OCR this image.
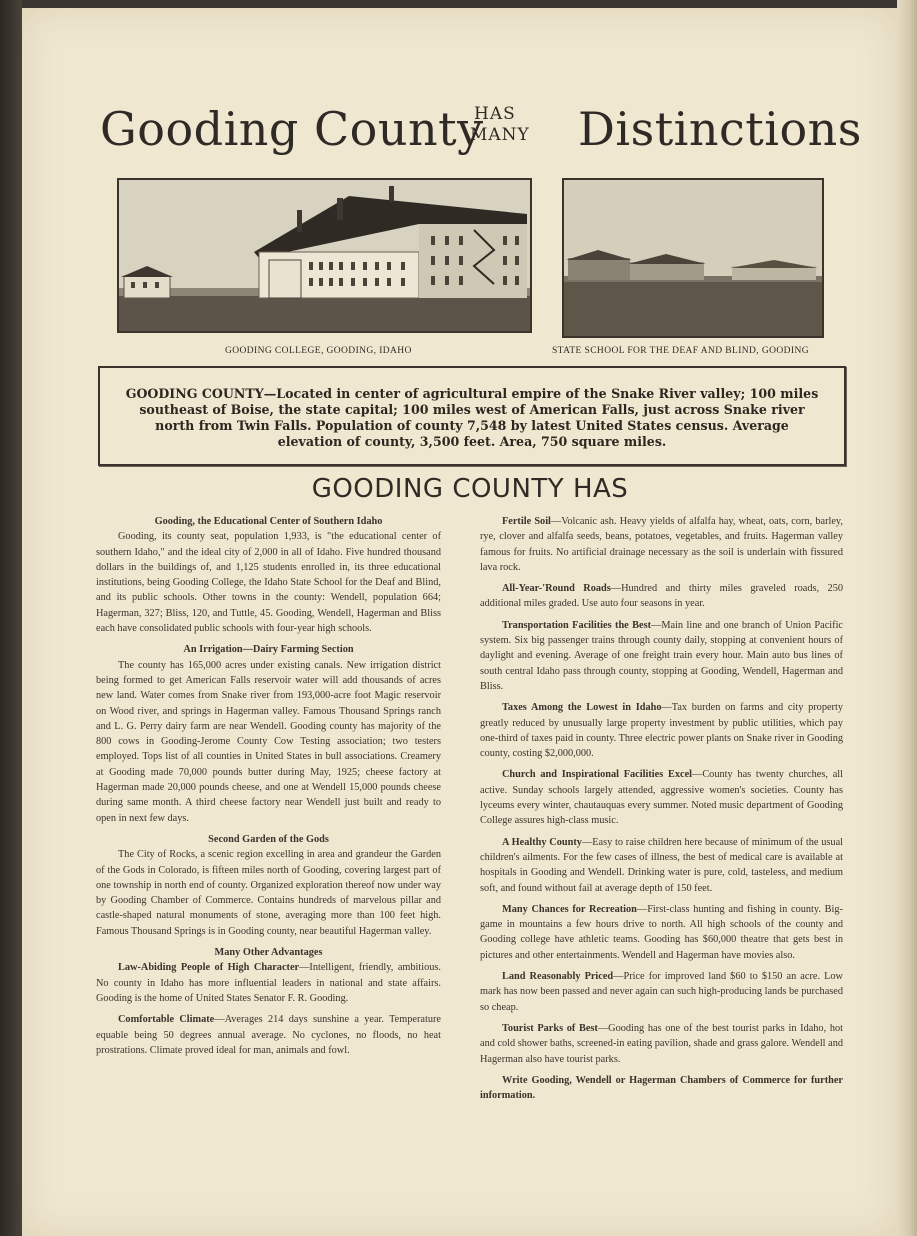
Gooding County
HAS
MANY Distinctions
GOODING COLLEGE, GOODING, IDAHO	STATE SCHOOL FOR THE DEAF AND BLIND, GOODING
GOODING COUNTY—Located in center of agricultural empire of the Snake River valley; 100 miles southeast of Boise, the state capital; 100 miles west of American Falls, just across Snake river north from Twin Falls. Population of county 7,548 by latest United States census. Average elevation of county, 3,500 feet. Area, 750 square miles.
GOODING COUNTY HAS
Gooding, the Educational Center of Southern Idaho

Gooding, its county seat, population 1,933, is "the educational center of southern Idaho," and the ideal city of 2,000 in all of Idaho. Five hundred thousand dollars in the buildings of, and 1,125 students enrolled in, its three educational institutions, being Gooding College, the Idaho State School for the Deaf and Blind, and its public schools. Other towns in the county: Wendell, population 664; Hagerman, 327; Bliss, 120, and Tuttle, 45. Gooding, Wendell, Hagerman and Bliss each have consolidated public schools with four-year high schools.

An Irrigation—Dairy Farming Section

The county has 165,000 acres under existing canals. New irrigation district being formed to get American Falls reservoir water will add thousands of acres new land. Water comes from Snake river from 193,000-acre foot Magic reservoir on Wood river, and springs in Hagerman valley. Famous Thousand Springs ranch and L. G. Perry dairy farm are near Wendell. Gooding county has majority of the 800 cows in Gooding-Jerome County Cow Testing association; two testers employed. Tops list of all counties in United States in bull associations. Creamery at Gooding made 70,000 pounds butter during May, 1925; cheese factory at Hagerman made 20,000 pounds cheese, and one at Wendell 15,000 pounds cheese during same month. A third cheese factory near Wendell just built and ready to open in next few days.

Second Garden of the Gods

The City of Rocks, a scenic region excelling in area and grandeur the Garden of the Gods in Colorado, is fifteen miles north of Gooding, covering largest part of one township in north end of county. Organized exploration thereof now under way by Gooding Chamber of Commerce. Contains hundreds of marvelous pillar and castle-shaped natural monuments of stone, averaging more than 100 feet high. Famous Thousand Springs is in Gooding county, near beautiful Hagerman valley.

Many Other Advantages

Law-Abiding People of High Character—Intelligent, friendly, ambitious. No county in Idaho has more influential leaders in national and state affairs. Gooding is the home of United States Senator F. R. Gooding.

Comfortable Climate—Averages 214 days sunshine a year. Temperature equable being 50 degrees annual average. No cyclones, no floods, no heat prostrations. Climate proved ideal for man, animals and fowl.

Fertile Soil—Volcanic ash. Heavy yields of alfalfa hay, wheat, oats, corn, barley, rye, clover and alfalfa seeds, beans, potatoes, vegetables, and fruits. Hagerman valley famous for fruits. No artificial drainage necessary as the soil is underlain with fissured lava rock.

All-Year-'Round Roads—Hundred and thirty miles graveled roads, 250 additional miles graded. Use auto four seasons in year.

Transportation Facilities the Best—Main line and one branch of Union Pacific system. Six big passenger trains through county daily, stopping at convenient hours of daylight and evening. Average of one freight train every hour. Main auto bus lines of south central Idaho pass through county, stopping at Gooding, Wendell, Hagerman and Bliss.

Taxes Among the Lowest in Idaho—Tax burden on farms and city property greatly reduced by unusually large property investment by public utilities, which pay one-third of taxes paid in county. Three electric power plants on Snake river in Gooding county, costing $2,000,000.

Church and Inspirational Facilities Excel—County has twenty churches, all active. Sunday schools largely attended, aggressive women's societies. County has lyceums every winter, chautauquas every summer. Noted music department of Gooding College assures high-class music.

A Healthy County—Easy to raise children here because of minimum of the usual children's ailments. For the few cases of illness, the best of medical care is available at hospitals in Gooding and Wendell. Drinking water is pure, cold, tasteless, and medium soft, and found without fail at average depth of 150 feet.

Many Chances for Recreation—First-class hunting and fishing in county. Big-game in mountains a few hours drive to north. All high schools of the county and Gooding college have athletic teams. Gooding has $60,000 theatre that gets best in pictures and other entertainments. Wendell and Hagerman have movies also.

Land Reasonably Priced—Price for improved land $60 to $150 an acre. Low mark has now been passed and never again can such high-producing lands be purchased so cheap.

Tourist Parks of Best—Gooding has one of the best tourist parks in Idaho, hot and cold shower baths, screened-in eating pavilion, shade and grass galore. Wendell and Hagerman also have tourist parks.

Write Gooding, Wendell or Hagerman Chambers of Commerce for further information.
